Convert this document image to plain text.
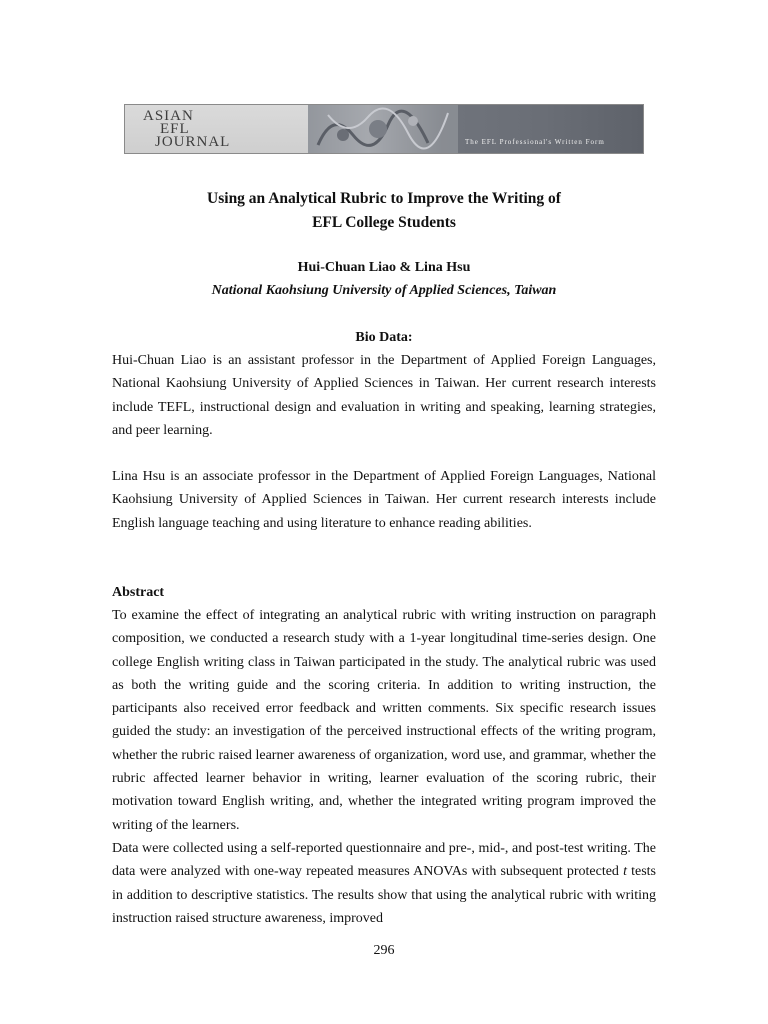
ASIAN
EFL
JOURNAL	The EFL Professional's Written Form
Using an Analytical Rubric to Improve the Writing of
EFL College Students
Hui-Chuan Liao & Lina Hsu
National Kaohsiung University of Applied Sciences, Taiwan
Bio Data:

Hui-Chuan Liao is an assistant professor in the Department of Applied Foreign Languages, National Kaohsiung University of Applied Sciences in Taiwan. Her current research interests include TEFL, instructional design and evaluation in writing and speaking, learning strategies, and peer learning.

Lina Hsu is an associate professor in the Department of Applied Foreign Languages, National Kaohsiung University of Applied Sciences in Taiwan. Her current research interests include English language teaching and using literature to enhance reading abilities.

Abstract

To examine the effect of integrating an analytical rubric with writing instruction on paragraph composition, we conducted a research study with a 1-year longitudinal time-series design. One college English writing class in Taiwan participated in the study. The analytical rubric was used as both the writing guide and the scoring criteria. In addition to writing instruction, the participants also received error feedback and written comments. Six specific research issues guided the study: an investigation of the perceived instructional effects of the writing program, whether the rubric raised learner awareness of organization, word use, and grammar, whether the rubric affected learner behavior in writing, learner evaluation of the scoring rubric, their motivation toward English writing, and, whether the integrated writing program improved the writing of the learners.

Data were collected using a self-reported questionnaire and pre-, mid-, and post-test writing. The data were analyzed with one-way repeated measures ANOVAs with subsequent protected t tests in addition to descriptive statistics. The results show that using the analytical rubric with writing instruction raised structure awareness, improved

296
